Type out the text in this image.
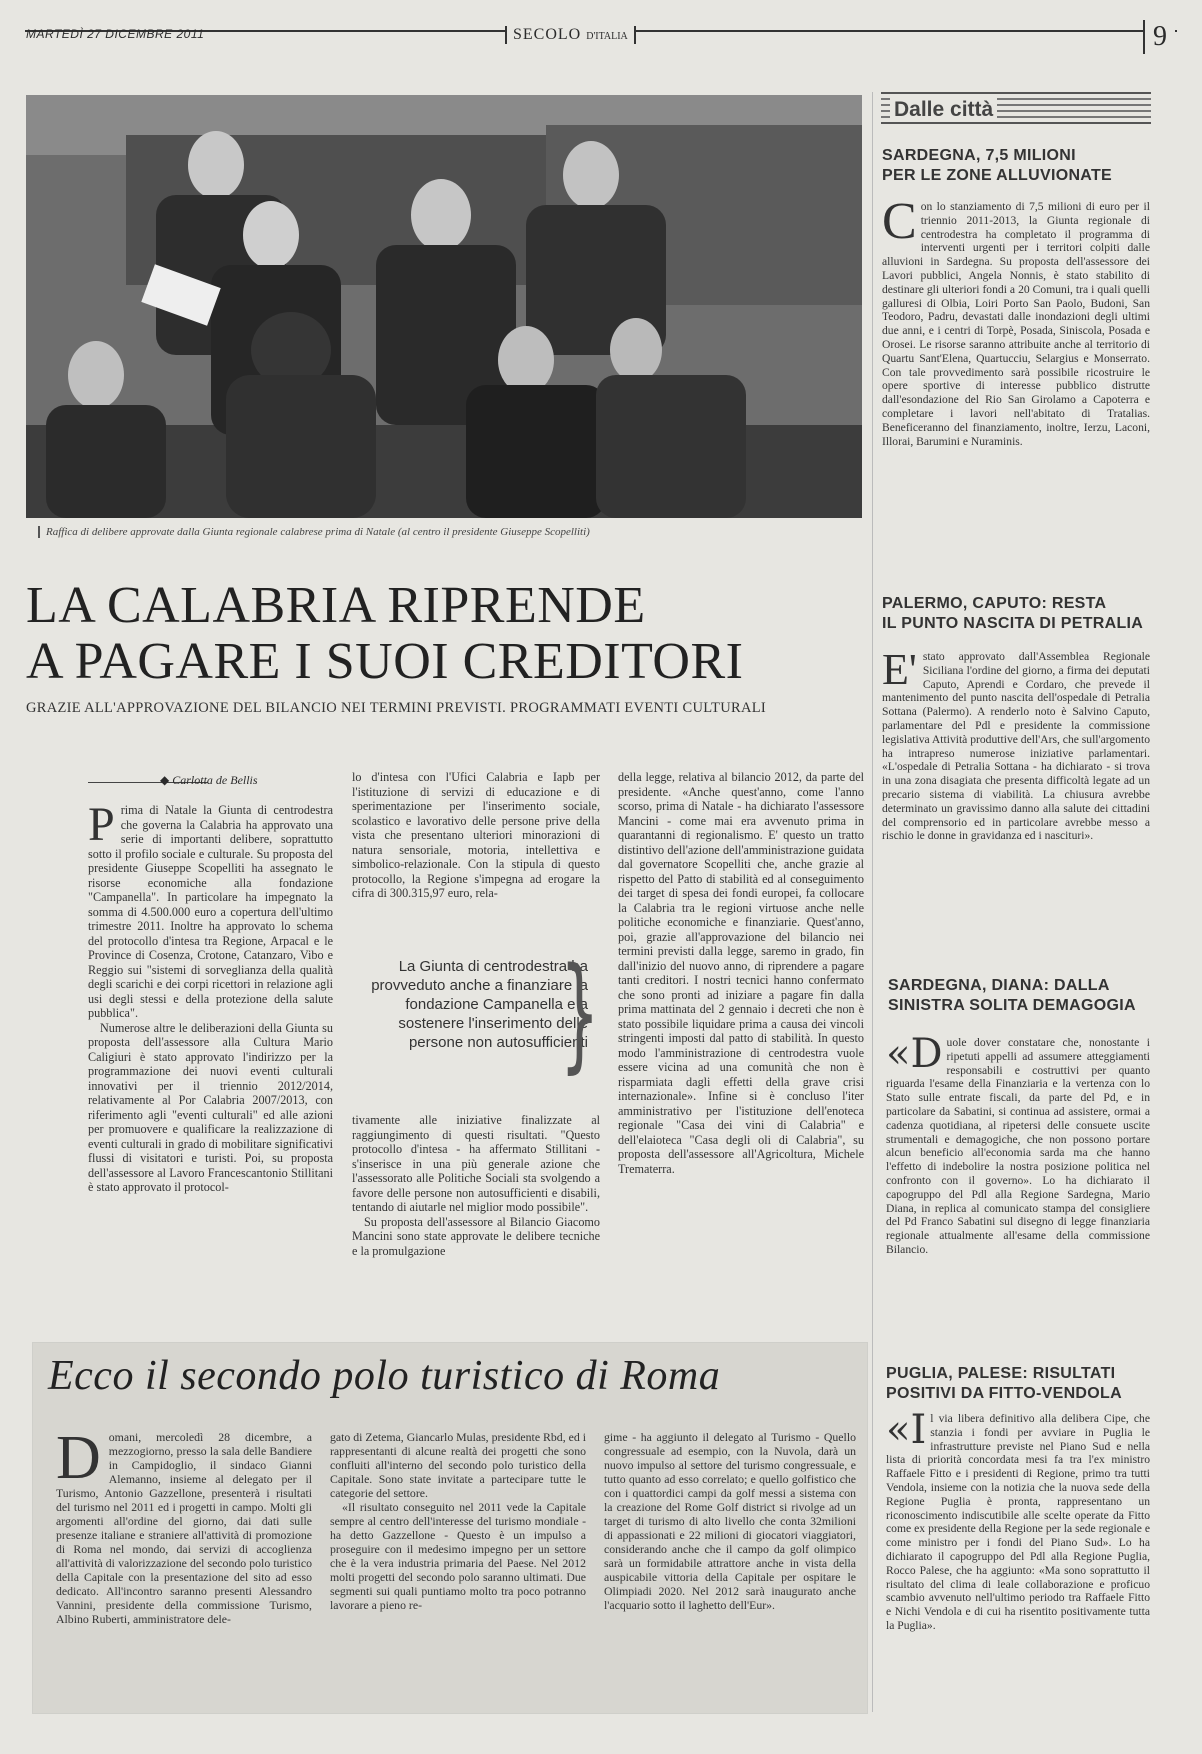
MARTEDÌ 27 DICEMBRE 2011	SECOLO D'ITALIA	9
Raffica di delibere approvate dalla Giunta regionale calabrese prima di Natale (al centro il presidente Giuseppe Scopelliti)
LA CALABRIA RIPRENDE
A PAGARE I SUOI CREDITORI
GRAZIE ALL'APPROVAZIONE DEL BILANCIO NEI TERMINI PREVISTI. PROGRAMMATI EVENTI CULTURALI
◆ Carlotta de Bellis
P rima di Natale la Giunta di centrodestra che governa la Calabria ha approvato una serie di importanti delibere, soprattutto sotto il profilo sociale e culturale. Su proposta del presidente Giuseppe Scopelliti ha assegnato le risorse economiche alla fondazione "Campanella". In particolare ha impegnato la somma di 4.500.000 euro a copertura dell'ultimo trimestre 2011. Inoltre ha approvato lo schema del protocollo d'intesa tra Regione, Arpacal e le Province di Cosenza, Crotone, Catanzaro, Vibo e Reggio sui "sistemi di sorveglianza della qualità degli scarichi e dei corpi ricettori in relazione agli usi degli stessi e della protezione della salute pubblica".

Numerose altre le deliberazioni della Giunta su proposta dell'assessore alla Cultura Mario Caligiuri è stato approvato l'indirizzo per la programmazione dei nuovi eventi culturali innovativi per il triennio 2012/2014, relativamente al Por Calabria 2007/2013, con riferimento agli "eventi culturali" ed alle azioni per promuovere e qualificare la realizzazione di eventi culturali in grado di mobilitare significativi flussi di visitatori e turisti. Poi, su proposta dell'assessore al Lavoro Francescantonio Stillitani è stato approvato il protocol-

lo d'intesa con l'Ufici Calabria e Iapb per l'istituzione di servizi di educazione e di sperimentazione per l'inserimento sociale, scolastico e lavorativo delle persone prive della vista che presentano ulteriori minorazioni di natura sensoriale, motoria, intellettiva e simbolico-relazionale. Con la stipula di questo protocollo, la Regione s'impegna ad erogare la cifra di 300.315,97 euro, rela-

La Giunta di centrodestra ha provveduto anche a finanziare la fondazione Campanella e a sostenere l'inserimento delle persone non autosufficienti
}

tivamente alle iniziative finalizzate al raggiungimento di questi risultati. "Questo protocollo d'intesa - ha affermato Stillitani - s'inserisce in una più generale azione che l'assessorato alle Politiche Sociali sta svolgendo a favore delle persone non autosufficienti e disabili, tentando di aiutarle nel miglior modo possibile".

Su proposta dell'assessore al Bilancio Giacomo Mancini sono state approvate le delibere tecniche e la promulgazione

della legge, relativa al bilancio 2012, da parte del presidente. «Anche quest'anno, come l'anno scorso, prima di Natale - ha dichiarato l'assessore Mancini - come mai era avvenuto prima in quarantanni di regionalismo. E' questo un tratto distintivo dell'azione dell'amministrazione guidata dal governatore Scopelliti che, anche grazie al rispetto del Patto di stabilità ed al conseguimento dei target di spesa dei fondi europei, fa collocare la Calabria tra le regioni virtuose anche nelle politiche economiche e finanziarie. Quest'anno, poi, grazie all'approvazione del bilancio nei termini previsti dalla legge, saremo in grado, fin dall'inizio del nuovo anno, di riprendere a pagare tanti creditori. I nostri tecnici hanno confermato che sono pronti ad iniziare a pagare fin dalla prima mattinata del 2 gennaio i decreti che non è stato possibile liquidare prima a causa dei vincoli stringenti imposti dal patto di stabilità. In questo modo l'amministrazione di centrodestra vuole essere vicina ad una comunità che non è risparmiata dagli effetti della grave crisi internazionale». Infine si è concluso l'iter amministrativo per l'istituzione dell'enoteca regionale "Casa dei vini di Calabria" e dell'elaioteca "Casa degli oli di Calabria", su proposta dell'assessore all'Agricoltura, Michele Trematerra.

Ecco il secondo polo turistico di Roma
D omani, mercoledì 28 dicembre, a mezzogiorno, presso la sala delle Bandiere in Campidoglio, il sindaco Gianni Alemanno, insieme al delegato per il Turismo, Antonio Gazzellone, presenterà i risultati del turismo nel 2011 ed i progetti in campo. Molti gli argomenti all'ordine del giorno, dai dati sulle presenze italiane e straniere all'attività di promozione di Roma nel mondo, dai servizi di accoglienza all'attività di valorizzazione del secondo polo turistico della Capitale con la presentazione del sito ad esso dedicato. All'incontro saranno presenti Alessandro Vannini, presidente della commissione Turismo, Albino Ruberti, amministratore dele-

gato di Zetema, Giancarlo Mulas, presidente Rbd, ed i rappresentanti di alcune realtà dei progetti che sono confluiti all'interno del secondo polo turistico della Capitale. Sono state invitate a partecipare tutte le categorie del settore.

«Il risultato conseguito nel 2011 vede la Capitale sempre al centro dell'interesse del turismo mondiale - ha detto Gazzellone - Questo è un impulso a proseguire con il medesimo impegno per un settore che è la vera industria primaria del Paese. Nel 2012 molti progetti del secondo polo saranno ultimati. Due segmenti sui quali puntiamo molto tra poco potranno lavorare a pieno re-

gime - ha aggiunto il delegato al Turismo - Quello congressuale ad esempio, con la Nuvola, darà un nuovo impulso al settore del turismo congressuale, e tutto quanto ad esso correlato; e quello golfistico che con i quattordici campi da golf messi a sistema con la creazione del Rome Golf district si rivolge ad un target di turismo di alto livello che conta 32milioni di appassionati e 22 milioni di giocatori viaggiatori, considerando anche che il campo da golf olimpico sarà un formidabile attrattore anche in vista della auspicabile vittoria della Capitale per ospitare le Olimpiadi 2020. Nel 2012 sarà inaugurato anche l'acquario sotto il laghetto dell'Eur».

Dalle città
SARDEGNA, 7,5 MILIONI
PER LE ZONE ALLUVIONATE
C on lo stanziamento di 7,5 milioni di euro per il triennio 2011-2013, la Giunta regionale di centrodestra ha completato il programma di interventi urgenti per i territori colpiti dalle alluvioni in Sardegna. Su proposta dell'assessore dei Lavori pubblici, Angela Nonnis, è stato stabilito di destinare gli ulteriori fondi a 20 Comuni, tra i quali quelli galluresi di Olbia, Loiri Porto San Paolo, Budoni, San Teodoro, Padru, devastati dalle inondazioni degli ultimi due anni, e i centri di Torpè, Posada, Siniscola, Posada e Orosei. Le risorse saranno attribuite anche al territorio di Quartu Sant'Elena, Quartucciu, Selargius e Monserrato. Con tale provvedimento sarà possibile ricostruire le opere sportive di interesse pubblico distrutte dall'esondazione del Rio San Girolamo a Capoterra e completare i lavori nell'abitato di Tratalias. Beneficeranno del finanziamento, inoltre, Ierzu, Laconi, Illorai, Barumini e Nuraminis.
PALERMO, CAPUTO: RESTA
IL PUNTO NASCITA DI PETRALIA
E' stato approvato dall'Assemblea Regionale Siciliana l'ordine del giorno, a firma dei deputati Caputo, Aprendi e Cordaro, che prevede il mantenimento del punto nascita dell'ospedale di Petralia Sottana (Palermo). A renderlo noto è Salvino Caputo, parlamentare del Pdl e presidente la commissione legislativa Attività produttive dell'Ars, che sull'argomento ha intrapreso numerose iniziative parlamentari. «L'ospedale di Petralia Sottana - ha dichiarato - si trova in una zona disagiata che presenta difficoltà legate ad un precario sistema di viabilità. La chiusura avrebbe determinato un gravissimo danno alla salute dei cittadini del comprensorio ed in particolare avrebbe messo a rischio le donne in gravidanza ed i nascituri».
SARDEGNA, DIANA: DALLA
SINISTRA SOLITA DEMAGOGIA
«D uole dover constatare che, nonostante i ripetuti appelli ad assumere atteggiamenti responsabili e costruttivi per quanto riguarda l'esame della Finanziaria e la vertenza con lo Stato sulle entrate fiscali, da parte del Pd, e in particolare da Sabatini, si continua ad assistere, ormai a cadenza quotidiana, al ripetersi delle consuete uscite strumentali e demagogiche, che non possono portare alcun beneficio all'economia sarda ma che hanno l'effetto di indebolire la nostra posizione politica nel confronto con il governo». Lo ha dichiarato il capogruppo del Pdl alla Regione Sardegna, Mario Diana, in replica al comunicato stampa del consigliere del Pd Franco Sabatini sul disegno di legge finanziaria regionale attualmente all'esame della commissione Bilancio.
PUGLIA, PALESE: RISULTATI
POSITIVI DA FITTO-VENDOLA
«I l via libera definitivo alla delibera Cipe, che stanzia i fondi per avviare in Puglia le infrastrutture previste nel Piano Sud e nella lista di priorità concordata mesi fa tra l'ex ministro Raffaele Fitto e i presidenti di Regione, primo tra tutti Vendola, insieme con la notizia che la nuova sede della Regione Puglia è pronta, rappresentano un riconoscimento indiscutibile alle scelte operate da Fitto come ex presidente della Regione per la sede regionale e come ministro per i fondi del Piano Sud». Lo ha dichiarato il capogruppo del Pdl alla Regione Puglia, Rocco Palese, che ha aggiunto: «Ma sono soprattutto il risultato del clima di leale collaborazione e proficuo scambio avvenuto nell'ultimo periodo tra Raffaele Fitto e Nichi Vendola e di cui ha risentito positivamente tutta la Puglia».
